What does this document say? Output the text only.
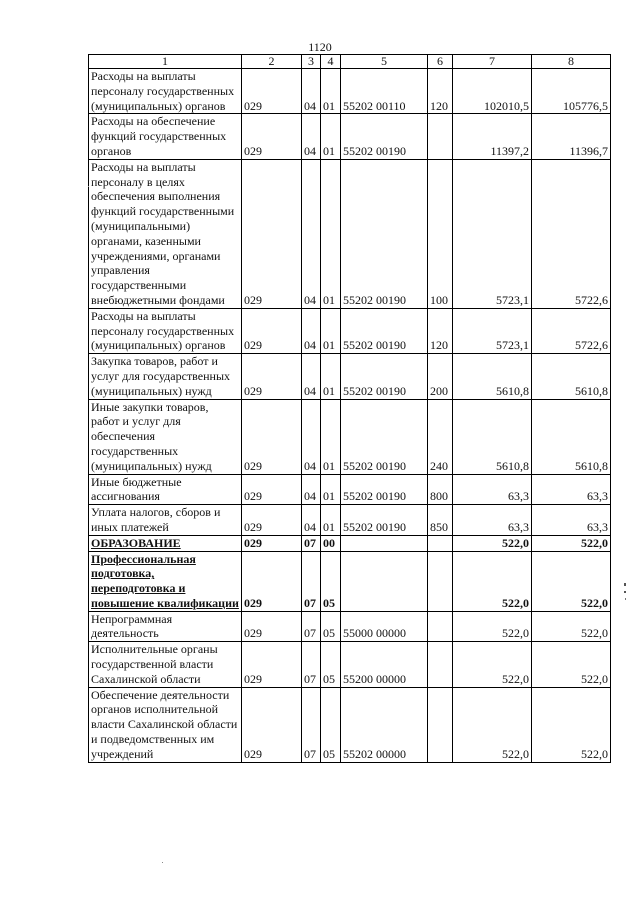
1120
1	2	3	4	5	6	7	8
Расходы на выплаты персоналу государственных (муниципальных) органов	029	04	01	55202 00110	120	102010,5	105776,5
Расходы на обеспечение функций государственных органов	029	04	01	55202 00190		11397,2	11396,7
Расходы на выплаты персоналу в целях обеспечения выполнения функций государственными (муниципальными) органами, казенными учреждениями, органами управления государственными внебюджетными фондами	029	04	01	55202 00190	100	5723,1	5722,6
Расходы на выплаты персоналу государственных (муниципальных) органов	029	04	01	55202 00190	120	5723,1	5722,6
Закупка товаров, работ и услуг для государственных (муниципальных) нужд	029	04	01	55202 00190	200	5610,8	5610,8
Иные закупки товаров, работ и услуг для обеспечения государственных (муниципальных) нужд	029	04	01	55202 00190	240	5610,8	5610,8
Иные бюджетные ассигнования	029	04	01	55202 00190	800	63,3	63,3
Уплата налогов, сборов и иных платежей	029	04	01	55202 00190	850	63,3	63,3
ОБРАЗОВАНИЕ	029	07	00			522,0	522,0
Профессиональная подготовка, переподготовка и повышение квалификации	029	07	05			522,0	522,0
Непрограммная деятельность	029	07	05	55000 00000		522,0	522,0
Исполнительные органы государственной власти Сахалинской области	029	07	05	55200 00000		522,0	522,0
Обеспечение деятельности органов исполнительной власти Сахалинской области и подведомственных им учреждений	029	07	05	55202 00000		522,0	522,0
